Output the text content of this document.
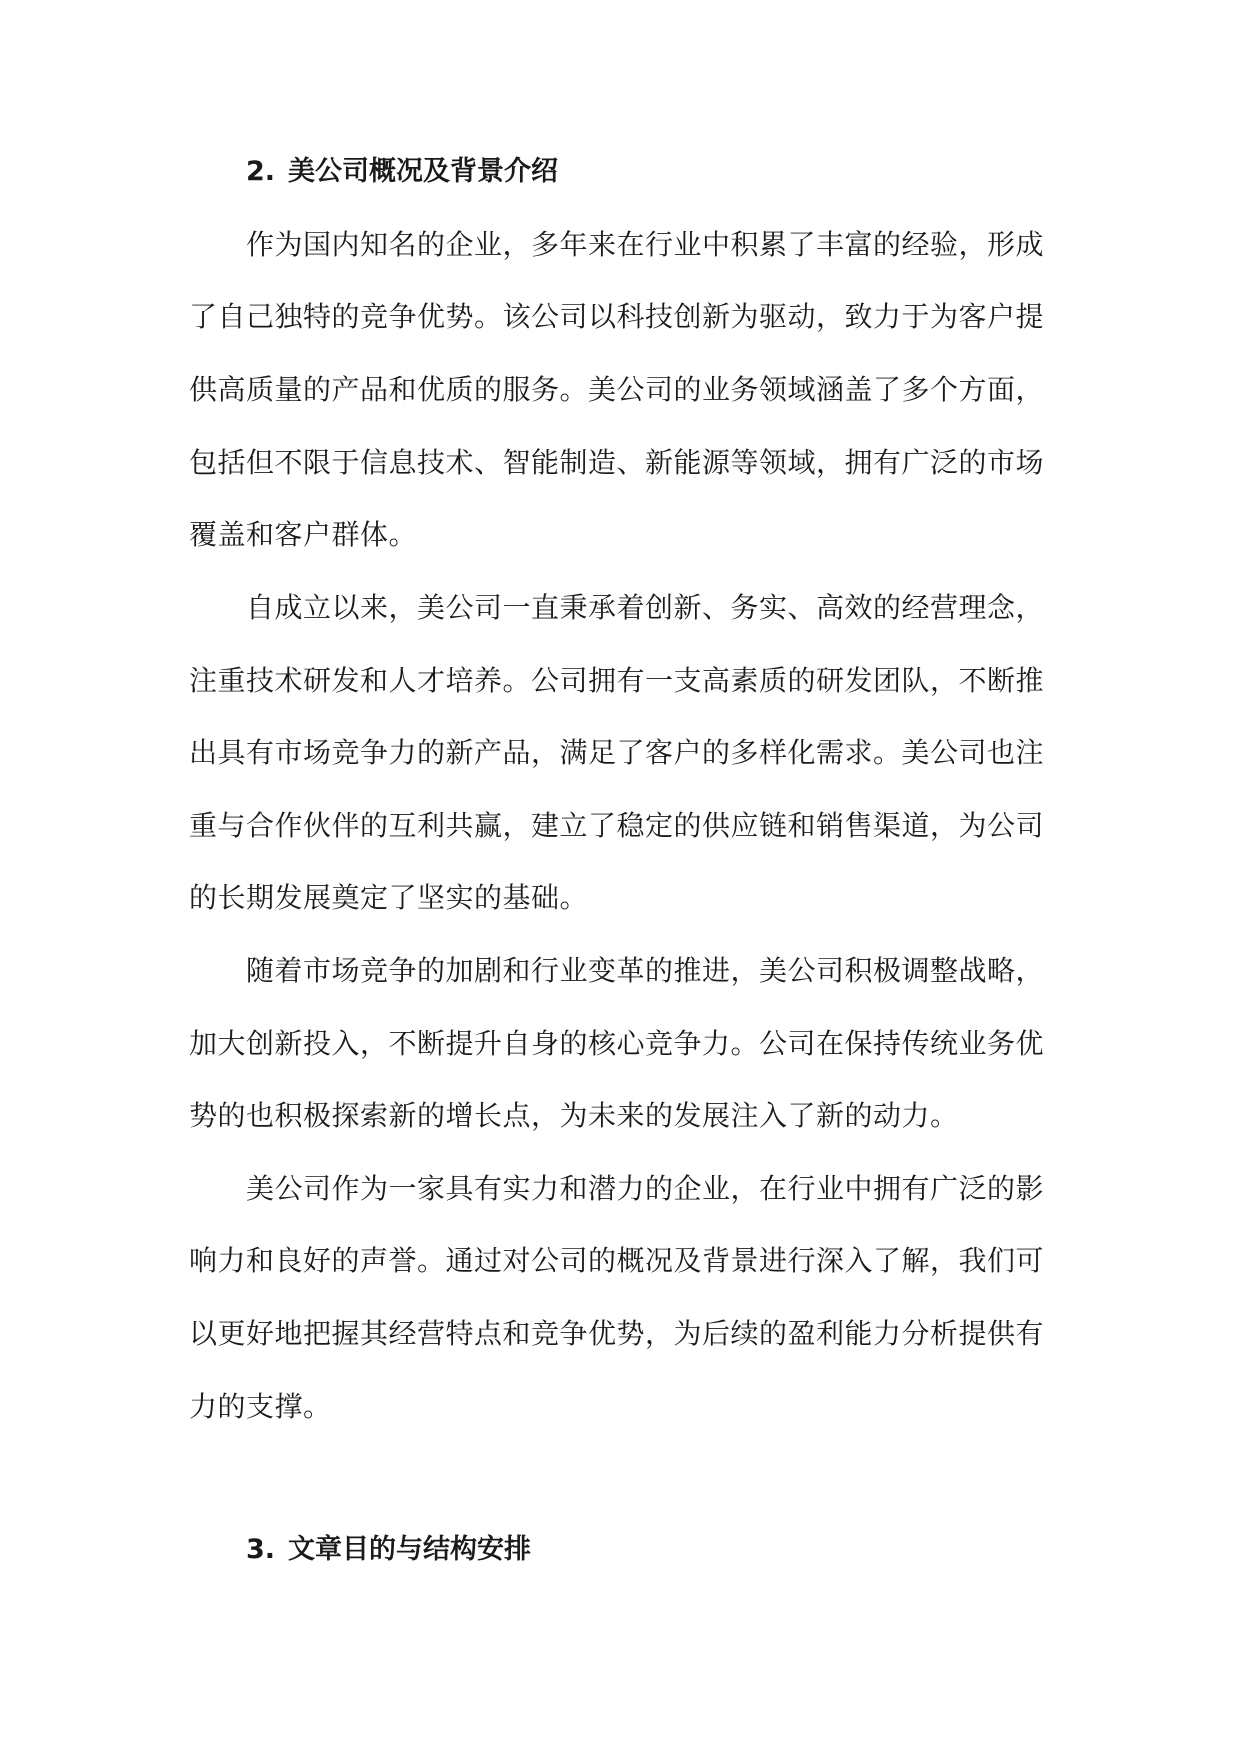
2. 美公司概况及背景介绍
作为国内知名的企业，多年来在行业中积累了丰富的经验，形成
了自己独特的竞争优势。该公司以科技创新为驱动，致力于为客户提
供高质量的产品和优质的服务。美公司的业务领域涵盖了多个方面，
包括但不限于信息技术、智能制造、新能源等领域，拥有广泛的市场
覆盖和客户群体。
自成立以来，美公司一直秉承着创新、务实、高效的经营理念，
注重技术研发和人才培养。公司拥有一支高素质的研发团队，不断推
出具有市场竞争力的新产品，满足了客户的多样化需求。美公司也注
重与合作伙伴的互利共赢，建立了稳定的供应链和销售渠道，为公司
的长期发展奠定了坚实的基础。
随着市场竞争的加剧和行业变革的推进，美公司积极调整战略，
加大创新投入，不断提升自身的核心竞争力。公司在保持传统业务优
势的也积极探索新的增长点，为未来的发展注入了新的动力。
美公司作为一家具有实力和潜力的企业，在行业中拥有广泛的影
响力和良好的声誉。通过对公司的概况及背景进行深入了解，我们可
以更好地把握其经营特点和竞争优势，为后续的盈利能力分析提供有
力的支撑。
3. 文章目的与结构安排
